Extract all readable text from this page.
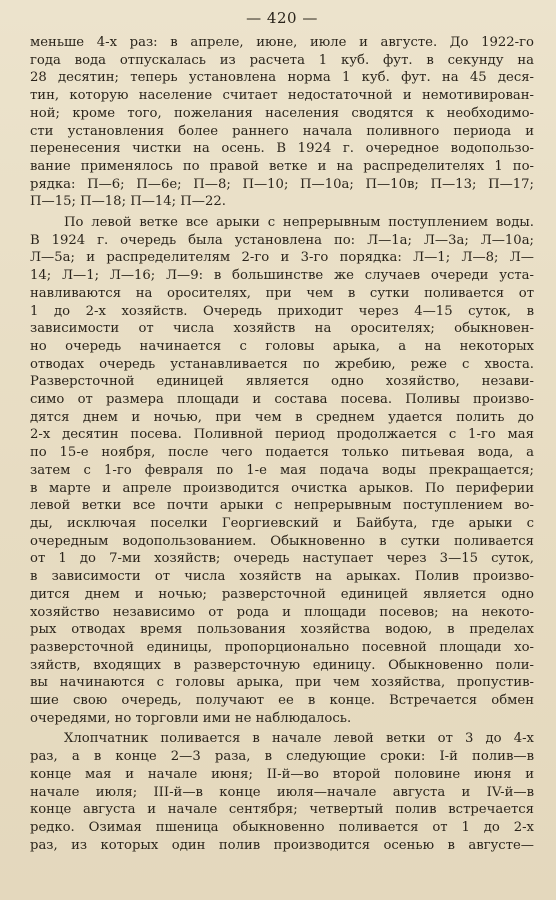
— 420 —
меньше 4-х раз: в апреле, июне, июле и августе. До 1922-го
года вода отпускалась из расчета 1 куб. фут. в секунду на
28 десятин; теперь установлена норма 1 куб. фут. на 45 деся-
тин, которую население считает недостаточной и немотивирован-
ной; кроме того, пожелания населения сводятся к необходимо-
сти установления более раннего начала поливного периода и
перенесения чистки на осень. В 1924 г. очередное водопользо-
вание применялось по правой ветке и на распределителях 1 по-
рядка: П—6; П—6е; П—8; П—10; П—10а; П—10в; П—13; П—17;
П—15; П—18; П—14; П—22.
По левой ветке все арыки с непрерывным поступлением воды.
В 1924 г. очередь была установлена по: Л—1а; Л—3а; Л—10а;
Л—5а; и распределителям 2-го и 3-го порядка: Л—1; Л—8; Л—
14; Л—1; Л—16; Л—9: в большинстве же случаев очереди уста-
навливаются на оросителях, при чем в сутки поливается от
1 до 2-х хозяйств. Очередь приходит через 4—15 суток, в
зависимости от числа хозяйств на оросителях; обыкновен-
но очередь начинается с головы арыка, а на некоторых
отводах очередь устанавливается по жребию, реже с хвоста.
Разверсточной единицей является одно хозяйство, незави-
симо от размера площади и состава посева. Поливы произво-
дятся днем и ночью, при чем в среднем удается полить до
2-х десятин посева. Поливной период продолжается с 1-го мая
по 15-е ноября, после чего подается только питьевая вода, а
затем с 1-го февраля по 1-е мая подача воды прекращается;
в марте и апреле производится очистка арыков. По периферии
левой ветки все почти арыки с непрерывным поступлением во-
ды, исключая поселки Георгиевский и Байбута, где арыки с
очередным водопользованием. Обыкновенно в сутки поливается
от 1 до 7-ми хозяйств; очередь наступает через 3—15 суток,
в зависимости от числа хозяйств на арыках. Полив произво-
дится днем и ночью; разверсточной единицей является одно
хозяйство независимо от рода и площади посевов; на некото-
рых отводах время пользования хозяйства водою, в пределах
разверсточной единицы, пропорционально посевной площади хо-
зяйств, входящих в разверсточную единицу. Обыкновенно поли-
вы начинаются с головы арыка, при чем хозяйства, пропустив-
шие свою очередь, получают ее в конце. Встречается обмен
очередями, но торговли ими не наблюдалось.
Хлопчатник поливается в начале левой ветки от 3 до 4-х
раз, а в конце 2—3 раза, в следующие сроки: I-й полив—в
конце мая и начале июня; II-й—во второй половине июня и
начале июля; III-й—в конце июля—начале августа и IV-й—в
конце августа и начале сентября; четвертый полив встречается
редко. Озимая пшеница обыкновенно поливается от 1 до 2-х
раз, из которых один полив производится осенью в августе—
